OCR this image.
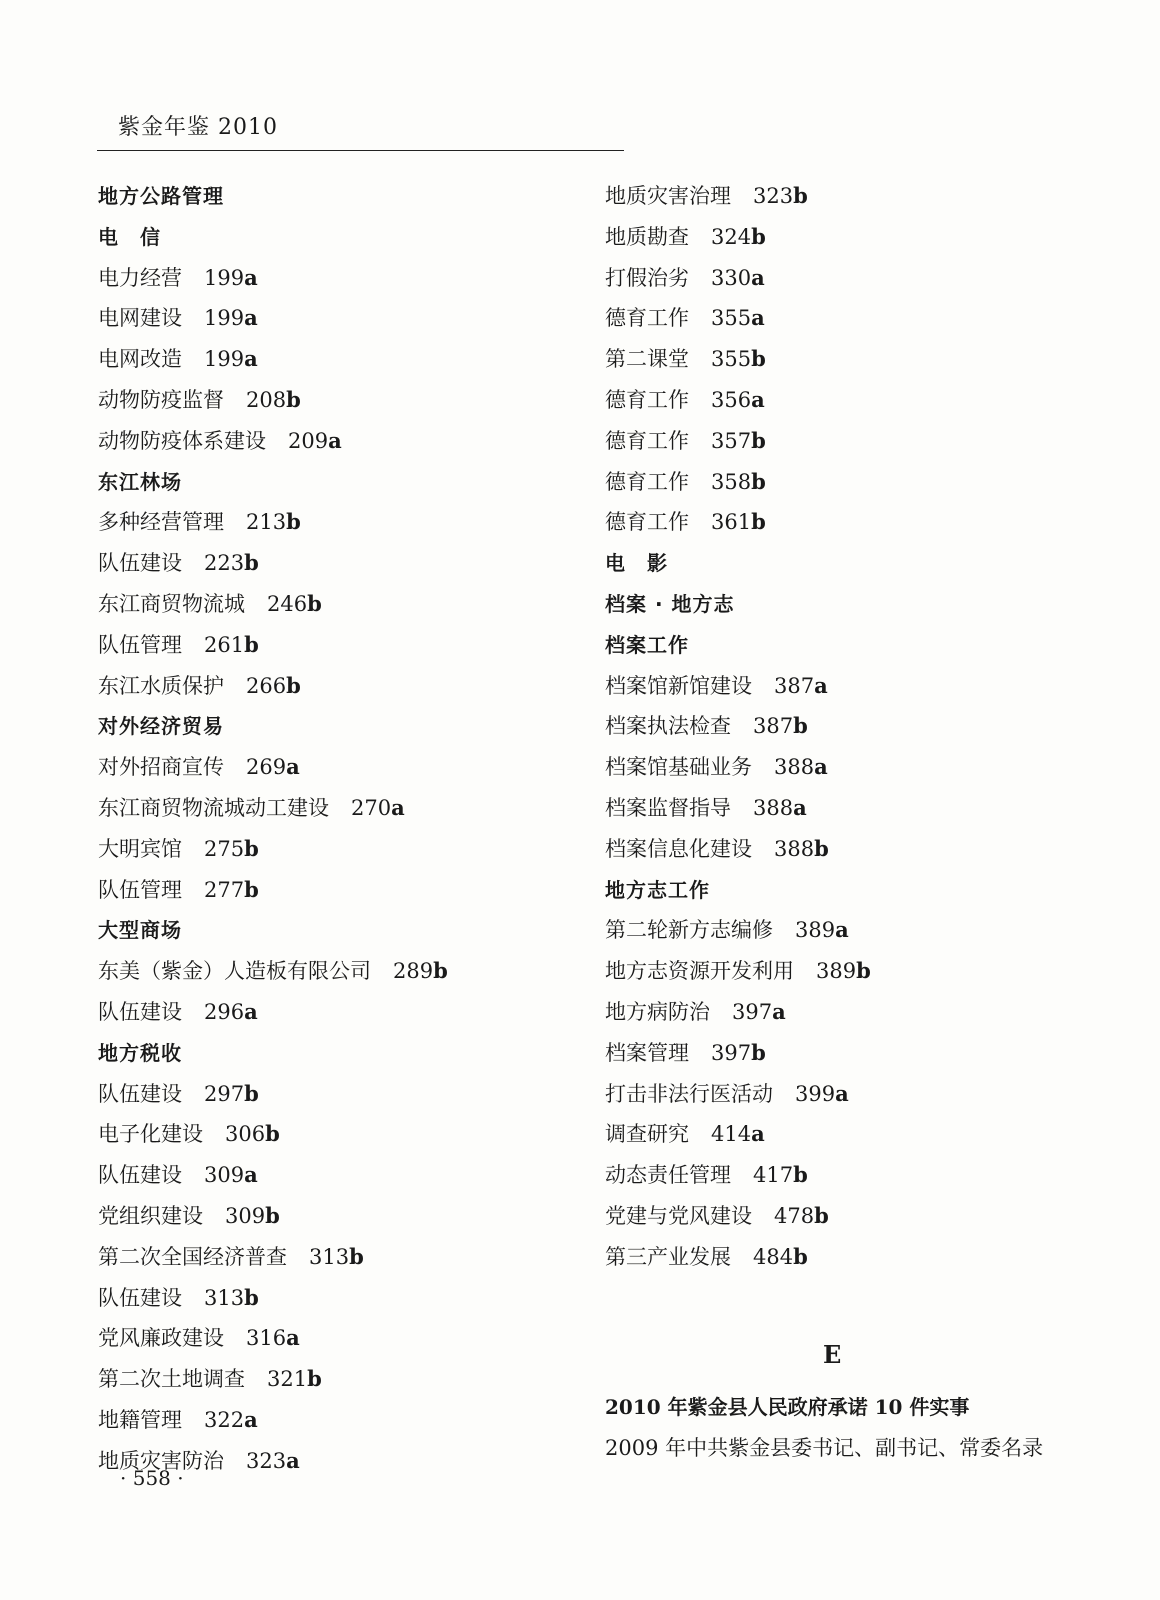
紫金年鉴 2010
地方公路管理
电　信
电力经营 199a
电网建设 199a
电网改造 199a
动物防疫监督 208b
动物防疫体系建设 209a
东江林场
多种经营管理 213b
队伍建设 223b
东江商贸物流城 246b
队伍管理 261b
东江水质保护 266b
对外经济贸易
对外招商宣传 269a
东江商贸物流城动工建设 270a
大明宾馆 275b
队伍管理 277b
大型商场
东美（紫金）人造板有限公司 289b
队伍建设 296a
地方税收
队伍建设 297b
电子化建设 306b
队伍建设 309a
党组织建设 309b
第二次全国经济普查 313b
队伍建设 313b
党风廉政建设 316a
第二次土地调查 321b
地籍管理 322a
地质灾害防治 323a
地质灾害治理 323b
地质勘查 324b
打假治劣 330a
德育工作 355a
第二课堂 355b
德育工作 356a
德育工作 357b
德育工作 358b
德育工作 361b
电　影
档案 · 地方志
档案工作
档案馆新馆建设 387a
档案执法检查 387b
档案馆基础业务 388a
档案监督指导 388a
档案信息化建设 388b
地方志工作
第二轮新方志编修 389a
地方志资源开发利用 389b
地方病防治 397a
档案管理 397b
打击非法行医活动 399a
调查研究 414a
动态责任管理 417b
党建与党风建设 478b
第三产业发展 484b
E
2010 年紫金县人民政府承诺 10 件实事
2009 年中共紫金县委书记、副书记、常委名录
· 558 ·
